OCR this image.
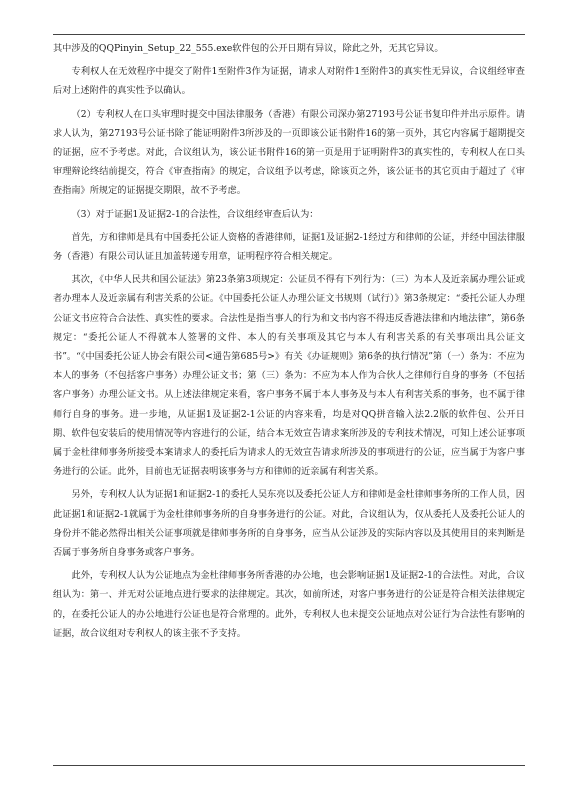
其中涉及的QQPinyin_Setup_22_555.exe软件包的公开日期有异议，除此之外，无其它异议。

专利权人在无效程序中提交了附件1至附件3作为证据，请求人对附件1至附件3的真实性无异议，合议组经审查后对上述附件的真实性予以确认。

（2）专利权人在口头审理时提交中国法律服务（香港）有限公司深办第27193号公证书复印件并出示原件。请求人认为，第27193号公证书除了能证明附件3所涉及的一页即该公证书附件16的第一页外，其它内容属于超期提交的证据，应不予考虑。对此，合议组认为，该公证书附件16的第一页是用于证明附件3的真实性的，专利权人在口头审理辩论终结前提交，符合《审查指南》的规定，合议组予以考虑，除该页之外，该公证书的其它页由于超过了《审查指南》所规定的证据提交期限，故不予考虑。

（3）对于证据1及证据2-1的合法性，合议组经审查后认为：

首先，方和律师是具有中国委托公证人资格的香港律师，证据1及证据2-1经过方和律师的公证，并经中国法律服务（香港）有限公司认证且加盖转递专用章，证明程序符合相关规定。

其次，《中华人民共和国公证法》第23条第3项规定：公证员不得有下列行为：（三）为本人及近亲属办理公证或者办理本人及近亲属有利害关系的公证。《中国委托公证人办理公证文书规则（试行）》第3条规定：“委托公证人办理公证文书应符合合法性、真实性的要求。合法性是指当事人的行为和文书内容不得违反香港法律和内地法律”，第6条规定：“委托公证人不得就本人签署的文件、本人的有关事项及其它与本人有利害关系的有关事项出具公证文书”。“《中国委托公证人协会有限公司<通告第685号>》有关《办证规则》第6条的执行情况”第（一）条为：不应为本人的事务（不包括客户事务）办理公证文书；第（三）条为：不应为本人作为合伙人之律师行自身的事务（不包括客户事务）办理公证文书。从上述法律规定来看，客户事务不属于本人事务及与本人有利害关系的事务，也不属于律师行自身的事务。进一步地，从证据1及证据2-1公证的内容来看，均是对QQ拼音输入法2.2版的软件包、公开日期、软件包安装后的使用情况等内容进行的公证，结合本无效宣告请求案所涉及的专利技术情况，可知上述公证事项属于金杜律师事务所接受本案请求人的委托后为请求人的无效宣告请求所涉及的事项进行的公证，应当属于为客户事务进行的公证。此外，目前也无证据表明该事务与方和律师的近亲属有利害关系。

另外，专利权人认为证据1和证据2-1的委托人吴东亮以及委托公证人方和律师是金杜律师事务所的工作人员，因此证据1和证据2-1就属于为金杜律师事务所的自身事务进行的公证。对此，合议组认为，仅从委托人及委托公证人的身份并不能必然得出相关公证事项就是律师事务所的自身事务，应当从公证涉及的实际内容以及其使用目的来判断是否属于事务所自身事务或客户事务。

此外，专利权人认为公证地点为金杜律师事务所香港的办公地，也会影响证据1及证据2-1的合法性。对此，合议组认为：第一、并无对公证地点进行要求的法律规定。其次，如前所述，对客户事务进行的公证是符合相关法律规定的，在委托公证人的办公地进行公证也是符合常理的。此外，专利权人也未提交公证地点对公证行为合法性有影响的证据，故合议组对专利权人的该主张不予支持。
